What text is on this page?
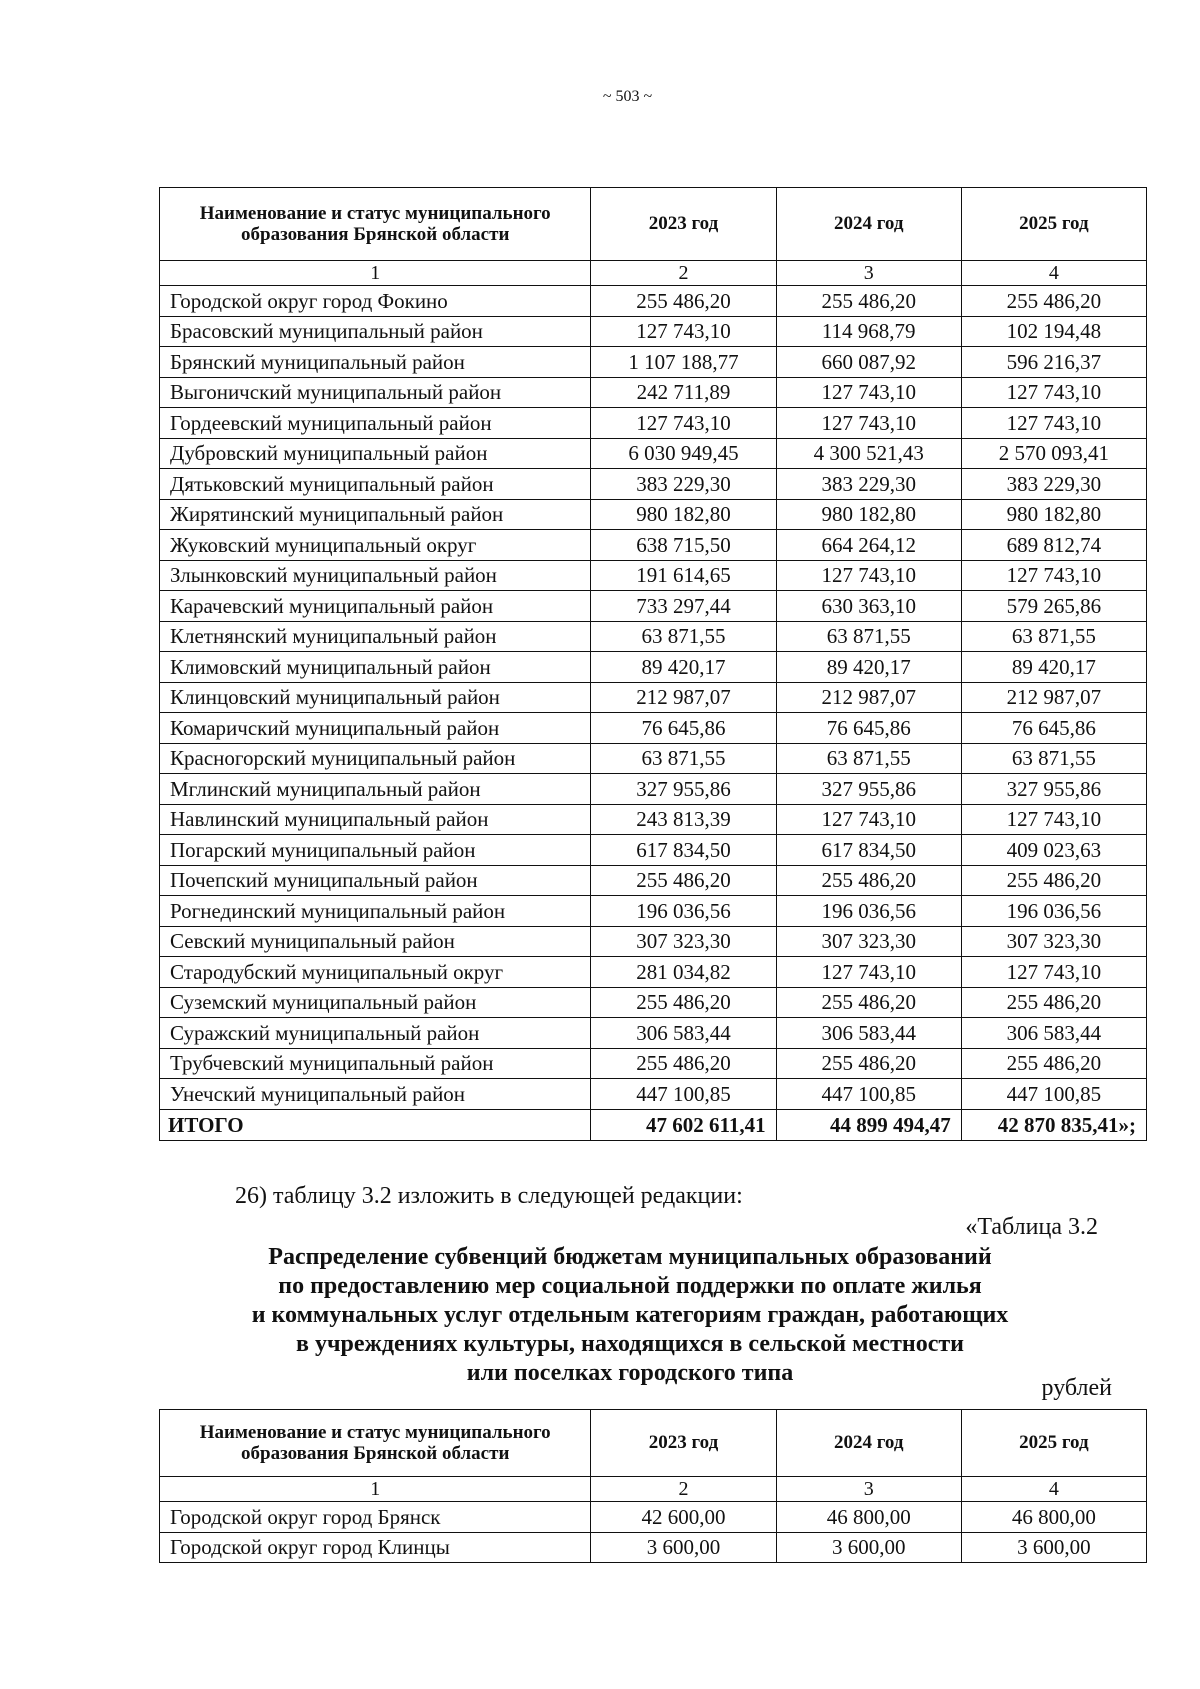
~ 503 ~
Наименование и статус муниципального образования Брянской области	2023 год	2024 год	2025 год
1	2	3	4
Городской округ город Фокино	255 486,20	255 486,20	255 486,20
Брасовский муниципальный район	127 743,10	114 968,79	102 194,48
Брянский муниципальный район	1 107 188,77	660 087,92	596 216,37
Выгоничский муниципальный район	242 711,89	127 743,10	127 743,10
Гордеевский муниципальный район	127 743,10	127 743,10	127 743,10
Дубровский муниципальный район	6 030 949,45	4 300 521,43	2 570 093,41
Дятьковский муниципальный район	383 229,30	383 229,30	383 229,30
Жирятинский муниципальный район	980 182,80	980 182,80	980 182,80
Жуковский муниципальный округ	638 715,50	664 264,12	689 812,74
Злынковский муниципальный район	191 614,65	127 743,10	127 743,10
Карачевский муниципальный район	733 297,44	630 363,10	579 265,86
Клетнянский муниципальный район	63 871,55	63 871,55	63 871,55
Климовский муниципальный район	89 420,17	89 420,17	89 420,17
Клинцовский муниципальный район	212 987,07	212 987,07	212 987,07
Комаричский муниципальный район	76 645,86	76 645,86	76 645,86
Красногорский муниципальный район	63 871,55	63 871,55	63 871,55
Мглинский муниципальный район	327 955,86	327 955,86	327 955,86
Навлинский муниципальный район	243 813,39	127 743,10	127 743,10
Погарский муниципальный район	617 834,50	617 834,50	409 023,63
Почепский муниципальный район	255 486,20	255 486,20	255 486,20
Рогнединский муниципальный район	196 036,56	196 036,56	196 036,56
Севский муниципальный район	307 323,30	307 323,30	307 323,30
Стародубский муниципальный округ	281 034,82	127 743,10	127 743,10
Суземский муниципальный район	255 486,20	255 486,20	255 486,20
Суражский муниципальный район	306 583,44	306 583,44	306 583,44
Трубчевский муниципальный район	255 486,20	255 486,20	255 486,20
Унечский муниципальный район	447 100,85	447 100,85	447 100,85
ИТОГО	47 602 611,41	44 899 494,47	42 870 835,41»;
26) таблицу 3.2 изложить в следующей редакции:
«Таблица 3.2
Распределение субвенций бюджетам муниципальных образований
по предоставлению мер социальной поддержки по оплате жилья
и коммунальных услуг отдельным категориям граждан, работающих
в учреждениях культуры, находящихся в сельской местности
или поселках городского типа
рублей
Наименование и статус муниципального образования Брянской области	2023 год	2024 год	2025 год
1	2	3	4
Городской округ город Брянск	42 600,00	46 800,00	46 800,00
Городской округ город Клинцы	3 600,00	3 600,00	3 600,00
